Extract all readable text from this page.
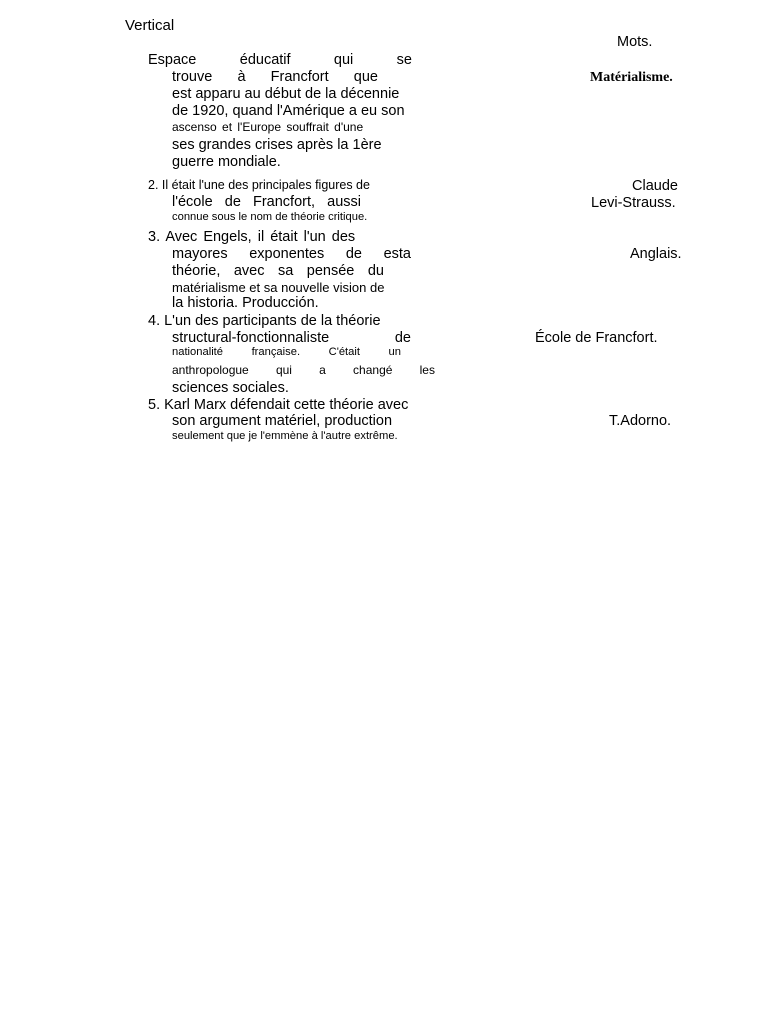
Vertical
Mots.
Espace	éducatif	qui	se
trouve à Francfort que
est apparu au début de la décennie
de 1920, quand l'Amérique a eu son
ascenso et l'Europe souffrait d'une
ses grandes crises après la 1ère
guerre mondiale.
2. Il était l'une des principales figures de
l'école de Francfort, aussi
connue sous le nom de théorie critique.
3. Avec Engels, il était l'un des
mayores exponentes de esta
théorie, avec sa pensée du
matérialisme et sa nouvelle vision de
la historia. Producción.
4. L'un des participants de la théorie
structural-fonctionnaliste	de
nationalité	française.	C'était	un
anthropologue qui a changé les
sciences sociales.
5. Karl Marx défendait cette théorie avec
son argument matériel, production
seulement que je l'emmène à l'autre extrême.
Matérialisme.
Claude
Levi-Strauss.
Anglais.
École de Francfort.
T.Adorno.
